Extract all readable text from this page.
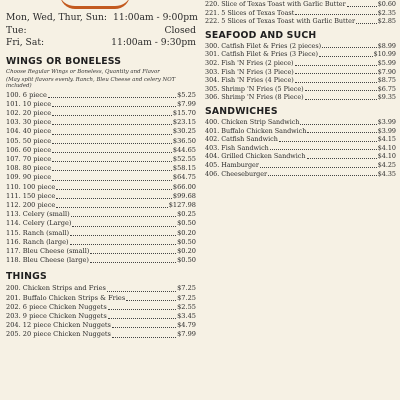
Mon, Wed, Thur, Sun: 11:00am - 9:00pm
Tue:	Closed
Fri, Sat:	11:00am - 9:30pm
WINGS OR BONELESS
Choose Regular Wings or Boneless, Quantity and Flavor
(May split flavors evenly. Ranch, Bleu Cheese and celery NOT included)
100. 6 piece	$5.25
101. 10 piece	$7.99
102. 20 piece	$15.70
103. 30 piece	$23.15
104. 40 piece	$30.25
105. 50 piece	$36.50
106. 60 piece	$44.65
107. 70 piece	$52.55
108. 80 piece	$58.15
109. 90 piece	$64.75
110. 100 piece	$66.00
111. 150 piece	$99.68
112. 200 piece	$127.98
113. Celery (small)	$0.25
114. Celery (Large)	$0.50
115. Ranch (small)	$0.20
116. Ranch (large)	$0.50
117. Bleu Cheese (small)	$0.20
118. Bleu Cheese (large)	$0.50
THINGS
200. Chicken Strips and Fries	$7.25
201. Buffalo Chicken Strips & Fries	$7.25
202. 6 piece Chicken Nuggets	$2.55
203. 9 piece Chicken Nuggets	$3.45
204. 12 piece Chicken Nuggets	$4.79
205. 20 piece Chicken Nuggets	$7.99
220. Slice of Texas Toast with Garlic Butter	$0.60
221. 5 Slices of Texas Toast	$2.35
222. 5 Slices of Texas Toast with Garlic Butter	$2.85
SEAFOOD AND SUCH
300. Catfish Filet & Fries (2 pieces)	$8.99
301. Catfish Filet & Fries (3 Piece)	$10.99
302. Fish 'N Fries (2 piece)	$5.99
303. Fish 'N Fries (3 Piece)	$7.90
304. Fish 'N Fries (4 Piece)	$8.75
305. Shrimp 'N Fries (5 Piece)	$6.75
306. Shrimp 'N Fries (8 Piece)	$9.35
SANDWICHES
400. Chicken Strip Sandwich	$3.99
401. Buffalo Chicken Sandwich	$3.99
402. Catfish Sandwich	$4.15
403. Fish Sandwich	$4.10
404. Grilled Chicken Sandwich	$4.10
405. Hamburger	$4.25
406. Cheeseburger	$4.35
